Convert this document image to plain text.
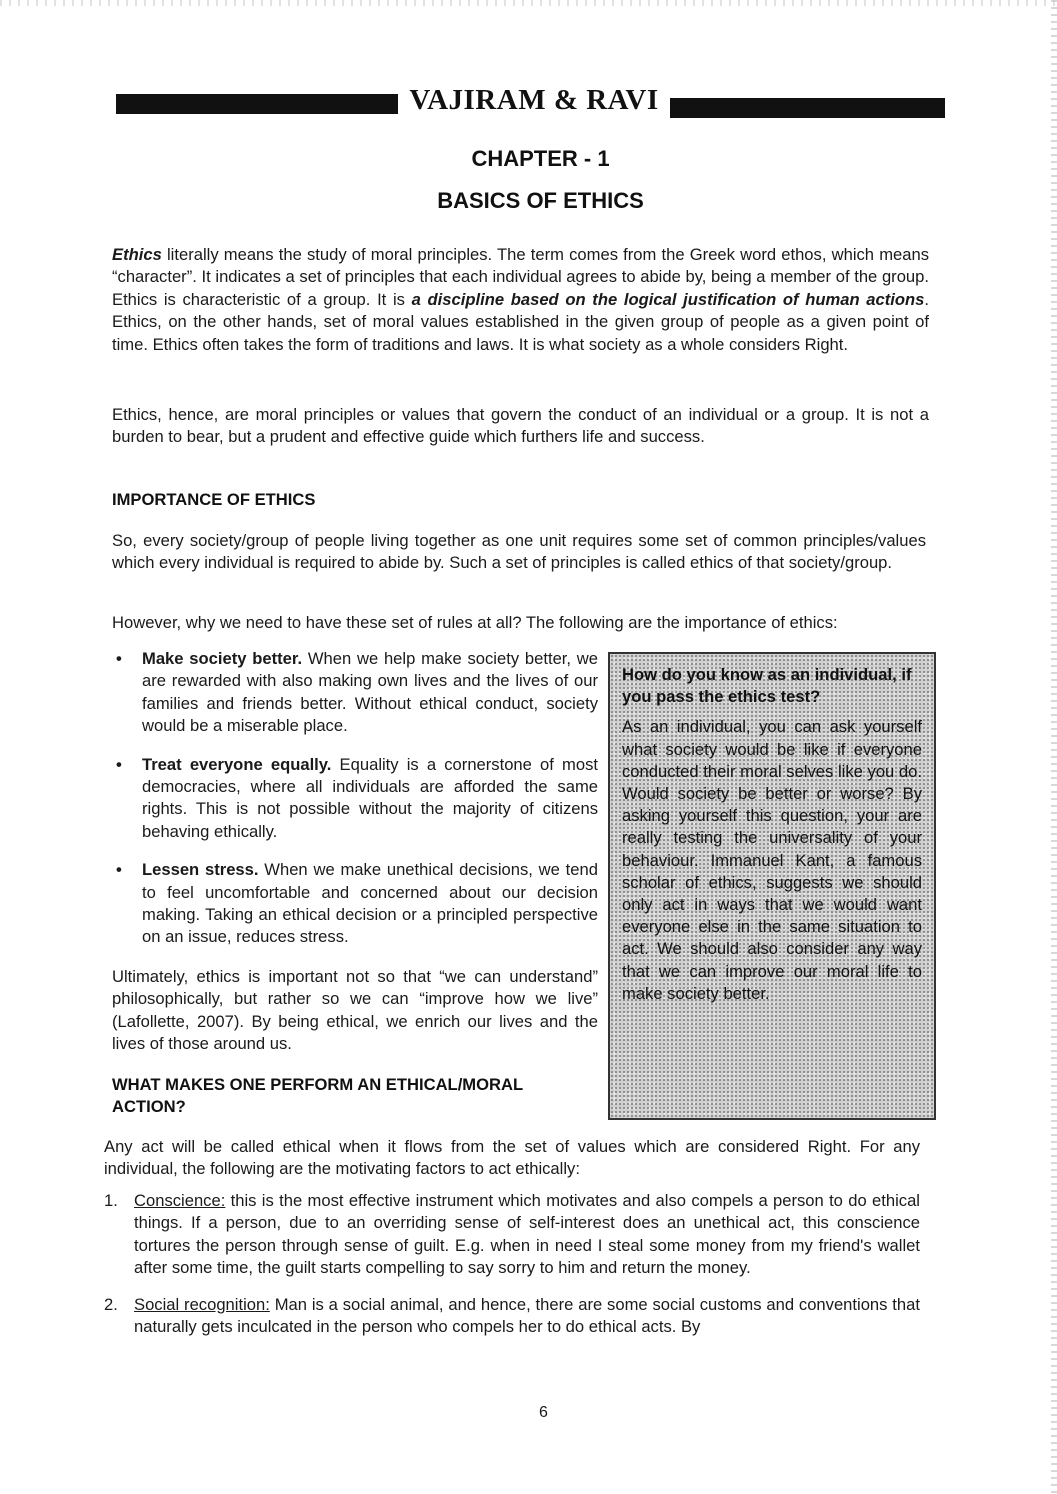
VAJIRAM & RAVI
CHAPTER - 1
BASICS OF ETHICS
Ethics literally means the study of moral principles. The term comes from the Greek word ethos, which means “character”. It indicates a set of principles that each individual agrees to abide by, being a member of the group. Ethics is characteristic of a group. It is a discipline based on the logical justification of human actions. Ethics, on the other hands, set of moral values established in the given group of people as a given point of time. Ethics often takes the form of traditions and laws. It is what society as a whole considers Right.
Ethics, hence, are moral principles or values that govern the conduct of an individual or a group. It is not a burden to bear, but a prudent and effective guide which furthers life and success.
IMPORTANCE OF ETHICS
So, every society/group of people living together as one unit requires some set of common principles/values which every individual is required to abide by. Such a set of principles is called ethics of that society/group.
However, why we need to have these set of rules at all? The following are the importance of ethics:
• Make society better. When we help make society better, we are rewarded with also making own lives and the lives of our families and friends better. Without ethical conduct, society would be a miserable place.
• Treat everyone equally. Equality is a cornerstone of most democracies, where all individuals are afforded the same rights. This is not possible without the majority of citizens behaving ethically.
• Lessen stress. When we make unethical decisions, we tend to feel uncomfortable and concerned about our decision making. Taking an ethical decision or a principled perspective on an issue, reduces stress.
Ultimately, ethics is important not so that “we can understand” philosophically, but rather so we can “improve how we live” (Lafollette, 2007). By being ethical, we enrich our lives and the lives of those around us.
WHAT MAKES ONE PERFORM AN ETHICAL/MORAL ACTION?
How do you know as an individual, if you pass the ethics test?
As an individual, you can ask yourself what society would be like if everyone conducted their moral selves like you do. Would society be better or worse? By asking yourself this question, your are really testing the universality of your behaviour. Immanuel Kant, a famous scholar of ethics, suggests we should only act in ways that we would want everyone else in the same situation to act. We should also consider any way that we can improve our moral life to make society better.
Any act will be called ethical when it flows from the set of values which are considered Right. For any individual, the following are the motivating factors to act ethically:
1. Conscience: this is the most effective instrument which motivates and also compels a person to do ethical things. If a person, due to an overriding sense of self-interest does an unethical act, this conscience tortures the person through sense of guilt. E.g. when in need I steal some money from my friend's wallet after some time, the guilt starts compelling to say sorry to him and return the money.
2. Social recognition: Man is a social animal, and hence, there are some social customs and conventions that naturally gets inculcated in the person who compels her to do ethical acts. By
6
